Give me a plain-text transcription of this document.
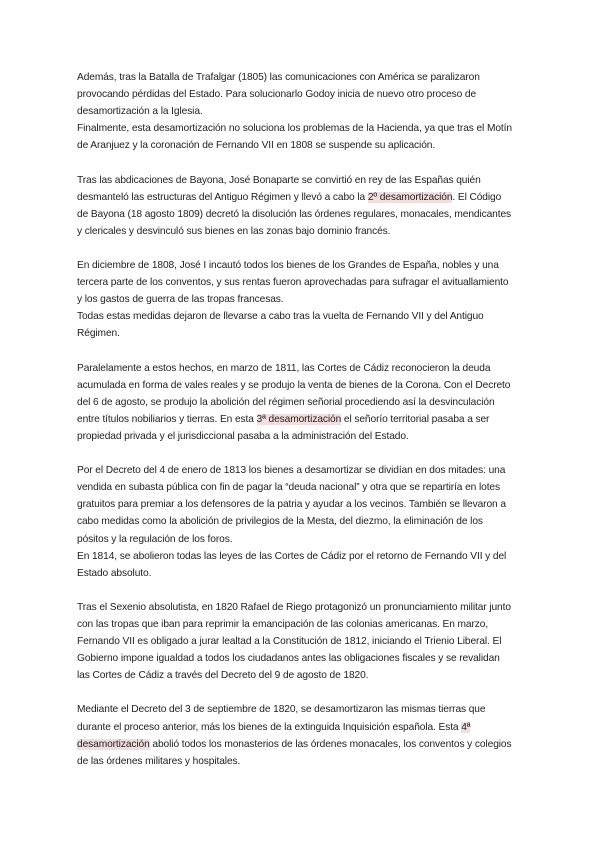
Además, tras la Batalla de Trafalgar (1805) las comunicaciones con América se paralizaron
provocando pérdidas del Estado. Para solucionarlo Godoy inicia de nuevo otro proceso de
desamortización a la Iglesia.
Finalmente, esta desamortización no soluciona los problemas de la Hacienda, ya que tras el Motín
de Aranjuez y la coronación de Fernando VII en 1808 se suspende su aplicación.
Tras las abdicaciones de Bayona, José Bonaparte se convirtió en rey de las Españas quién
desmanteló las estructuras del Antiguo Régimen y llevó a cabo la 2º desamortización. El Código
de Bayona (18 agosto 1809) decretó la disolución las órdenes regulares, monacales, mendicantes
y clericales y desvinculó sus bienes en las zonas bajo dominio francés.
En diciembre de 1808, José I incautó todos los bienes de los Grandes de España, nobles y una
tercera parte de los conventos, y sus rentas fueron aprovechadas para sufragar el avituallamiento
y los gastos de guerra de las tropas francesas.
Todas estas medidas dejaron de llevarse a cabo tras la vuelta de Fernando VII y del Antiguo
Régimen.
Paralelamente a estos hechos, en marzo de 1811, las Cortes de Cádiz reconocieron la deuda
acumulada en forma de vales reales y se produjo la venta de bienes de la Corona. Con el Decreto
del 6 de agosto, se produjo la abolición del régimen señorial procediendo así la desvinculación
entre títulos nobiliarios y tierras. En esta 3ª desamortización el señorío territorial pasaba a ser
propiedad privada y el jurisdiccional pasaba a la administración del Estado.
Por el Decreto del 4 de enero de 1813 los bienes a desamortizar se dividían en dos mitades: una
vendida en subasta pública con fin de pagar la “deuda nacional” y otra que se repartiría en lotes
gratuitos para premiar a los defensores de la patria y ayudar a los vecinos. También se llevaron a
cabo medidas como la abolición de privilegios de la Mesta, del diezmo, la eliminación de los
pósitos y la regulación de los foros.
En 1814, se abolieron todas las leyes de las Cortes de Cádiz por el retorno de Fernando VII y del
Estado absoluto.
Tras el Sexenio absolutista, en 1820 Rafael de Riego protagonizó un pronunciamiento militar junto
con las tropas que iban para reprimir la emancipación de las colonias americanas. En marzo,
Fernando VII es obligado a jurar lealtad a la Constitución de 1812, iniciando el Trienio Liberal. El
Gobierno impone igualdad a todos los ciudadanos antes las obligaciones fiscales y se revalidan
las Cortes de Cádiz a través del Decreto del 9 de agosto de 1820.
Mediante el Decreto del 3 de septiembre de 1820, se desamortizaron las mismas tierras que
durante el proceso anterior, más los bienes de la extinguida Inquisición española. Esta 4ª
desamortización abolió todos los monasterios de las órdenes monacales, los conventos y colegios
de las órdenes militares y hospitales.
